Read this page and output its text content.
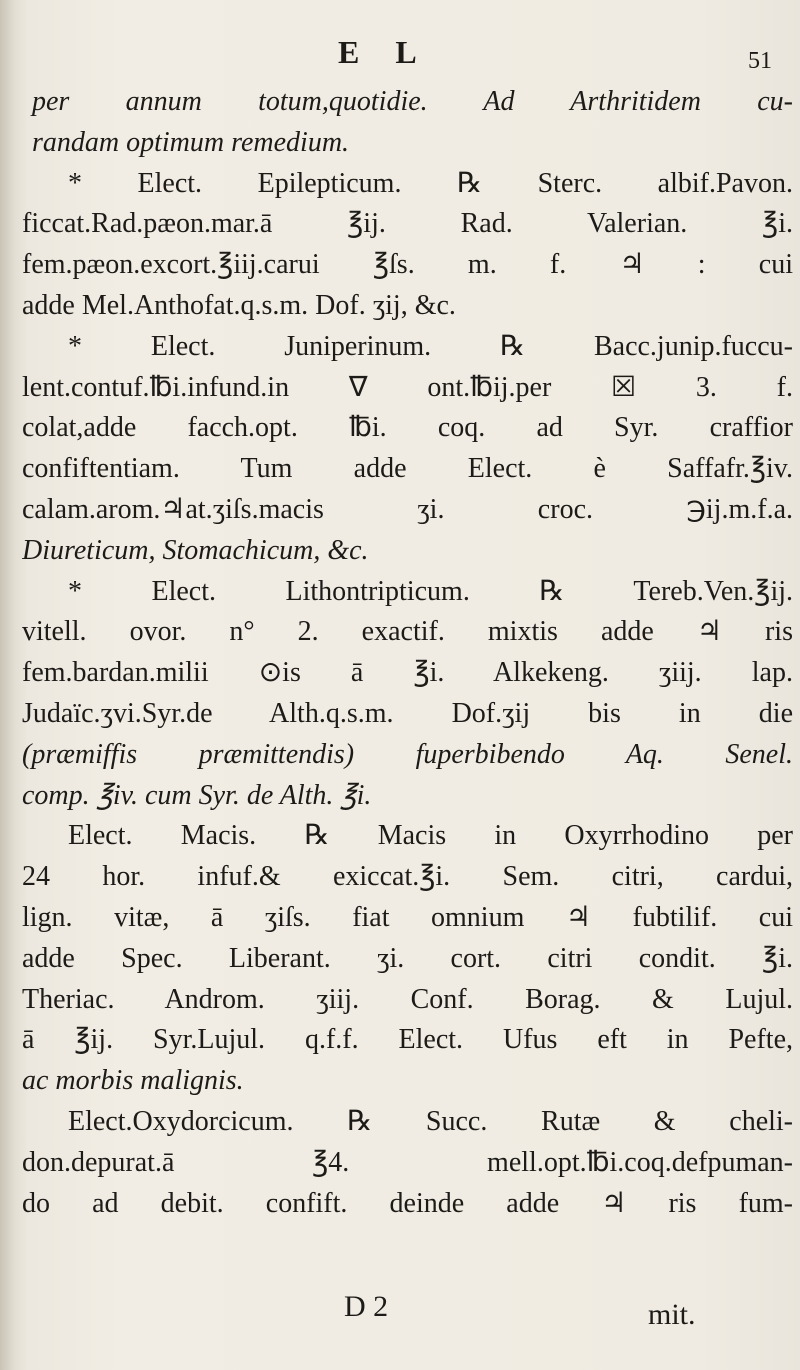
E L	51
per annum totum,quotidie. Ad Arthritidem cu-
randam optimum remedium.
* Elect. Epilepticum. ℞ Sterc. albif.Pavon.
ficcat.Rad.pæon.mar.ā ℥ij. Rad. Valerian. ℥i.
fem.pæon.excort.℥iij.carui ℥ſs. m. f. ♃ : cui
adde Mel.Anthofat.q.s.m. Dof. ʒij, &c.
* Elect. Juniperinum. ℞ Bacc.junip.fuccu-
lent.contuf.℔i.infund.in ∇ ont.℔ij.per ☒ 3. f.
colat,adde facch.opt. ℔i. coq. ad Syr. craffior
confiftentiam. Tum adde Elect. è Saffafr.℥iv.
calam.arom.♃at.ʒiſs.macis ʒi. croc. ℈ij.m.f.a.
Diureticum, Stomachicum, &c.
* Elect. Lithontripticum. ℞ Tereb.Ven.℥ij.
vitell. ovor. n° 2. exactif. mixtis adde ♃ ris
fem.bardan.milii ⊙is ā ℥i. Alkekeng. ʒiij. lap.
Judaïc.ʒvi.Syr.de Alth.q.s.m. Dof.ʒij bis in die
(præmiffis præmittendis) fuperbibendo Aq. Senel.
comp. ℥iv. cum Syr. de Alth. ℥i.
Elect. Macis. ℞ Macis in Oxyrrhodino per
24 hor. infuf.& exiccat.℥i. Sem. citri, cardui,
lign. vitæ, ā ʒiſs. fiat omnium ♃ fubtilif. cui
adde Spec. Liberant. ʒi. cort. citri condit. ℥i.
Theriac. Androm. ʒiij. Conf. Borag. & Lujul.
ā ℥ij. Syr.Lujul. q.f.f. Elect. Ufus eft in Pefte,
ac morbis malignis.
Elect.Oxydorcicum. ℞ Succ. Rutæ & cheli-
don.depurat.ā ℥4. mell.opt.℔i.coq.defpuman-
do ad debit. confift. deinde adde ♃ ris fum-
D 2	mit.
